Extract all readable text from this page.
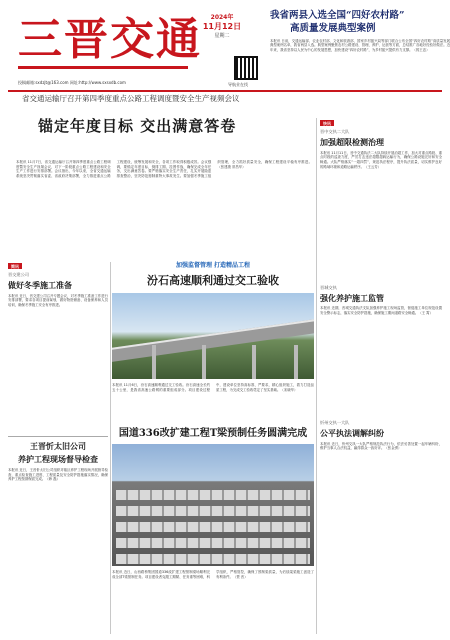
三晋交通
投稿邮箱:sxdzjt@163.com 网址:http://www.sxsxdb.com
2024年
11月12日
星期二
导航业在找
我省两县入选全国“四好农村路”
高质量发展典型案例
本报讯 日前，交通运输部、农业农村部、文化和旅游部、国家乡村振兴局等部门联合公布全国“四好农村路”高质量发展典型案例名单，我省两县入选。典型案例聚焦农村公路建设、管理、养护、运营等方面，总结推广各地好经验好做法。近年来，我省坚持以人民为中心的发展思想，加快建设“四好农村路”，为乡村振兴提供有力支撑。（郭王忠）
省交通运输厅召开第四季度重点公路工程调度暨安全生产视频会议
锚定年度目标 交出满意答卷
本报讯 11月7日，省交通运输厅召开第四季度重点公路工程调度暨安全生产视频会议，对下一阶段重点公路工程建设和安全生产工作进行安排部署。会议指出，今年以来，全省交通运输系统坚决贯彻落实省委、省政府决策部署，全力推进重点公路工程建设，统筹发展和安全，各项工作取得积极成效。会议强调，要锚定年度目标，倒排工期、挂图作战，确保完成全年任务，交出满意答卷。要严格落实安全生产责任，扎实开展隐患排查整治，坚决防范遏制重特大事故发生。要加强冬季施工组织管理，全力抓好质量安全，确保工程建设平稳有序推进。（张建康 常昌华）
快讯
晋中交执二大队
加强超限检测治理
本报讯 11月11日，晋中交通执法二大队持续开展治超工作，加大对重点路段、重点时段的巡查力度，严厉打击违法超限超载运输行为，确保公路设施完好和安全畅通。大队严格落实“一超四罚”，规范执法程序，提升执法质量，切实维护良好的路域环境和道路运输秩序。（王云芳）
晋城交执
强化养护施工监管
本报讯 近期，晋城交通执法支队加强养护施工现场监管，督促施工单位规范设置安全警示标志，落实安全防护措施，确保施工期间道路安全畅通。（王 霄）
忻州交执一大队
公平执法调解纠纷
本报讯 近日，忻州交执一大队严格规范执法行为，依法妥善处置一起车辆纠纷，维护当事人合法权益，赢得群众一致好评。（张金勇）
简讯
晋交建公司
做好冬季施工准备
本报讯 近日，晋交建公司召开专题会议，对冬季施工准备工作进行安排部署，要求各项目提前谋划，做好物资储备、设备保养和人员培训，确保冬季施工安全有序推进。
王晋忻太旧公司
养护工程现场督导检查
本报讯 近日，王晋忻太旧公司组织对辖区养护工程现场开展督导检查，重点检查施工进度、工程质量及安全防护措施落实情况，确保养护工程按期保质完成。（韩 磊）
加强监督管理 打造精品工程
汾石高速顺利通过交工验收
本报讯 11月6日，汾石高速顺利通过交工验收。汾石高速全长约五十公里，是我省高速公路网的重要组成部分。项目建设过程中，建设单位坚持高标准、严要求，精心组织施工，着力打造品质工程，为完成交工验收奠定了坚实基础。（宋晓华）
国道336改扩建工程T梁预制任务圆满完成
本报讯 近日，山西路桥集团国道336改扩建工程预制梁场顺利完成全部T梁预制任务。项目建设者克服工期紧、任务重等困难，科学组织，严格管控，确保了预制梁质量，为后续架梁施工创造了有利条件。（贾 晋）
